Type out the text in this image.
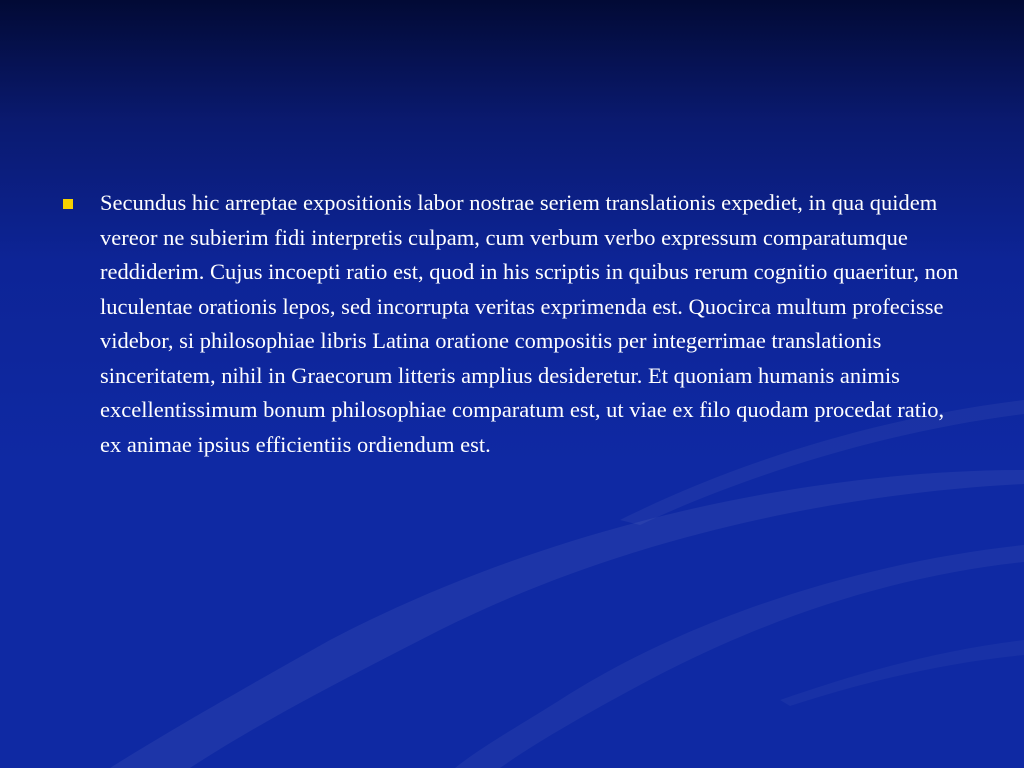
Secundus hic arreptae expositionis labor nostrae seriem translationis expediet, in qua quidem vereor ne subierim fidi interpretis culpam, cum verbum verbo expressum comparatumque reddiderim. Cujus incoepti ratio est, quod in his scriptis in quibus rerum cognitio quaeritur, non luculentae orationis lepos, sed incorrupta veritas exprimenda est. Quocirca multum profecisse videbor, si philosophiae libris Latina oratione compositis per integerrimae translationis sinceritatem, nihil in Graecorum litteris amplius desideretur. Et quoniam humanis animis excellentissimum bonum philosophiae comparatum est, ut viae ex filo quodam procedat ratio, ex animae ipsius efficientiis ordiendum est.
